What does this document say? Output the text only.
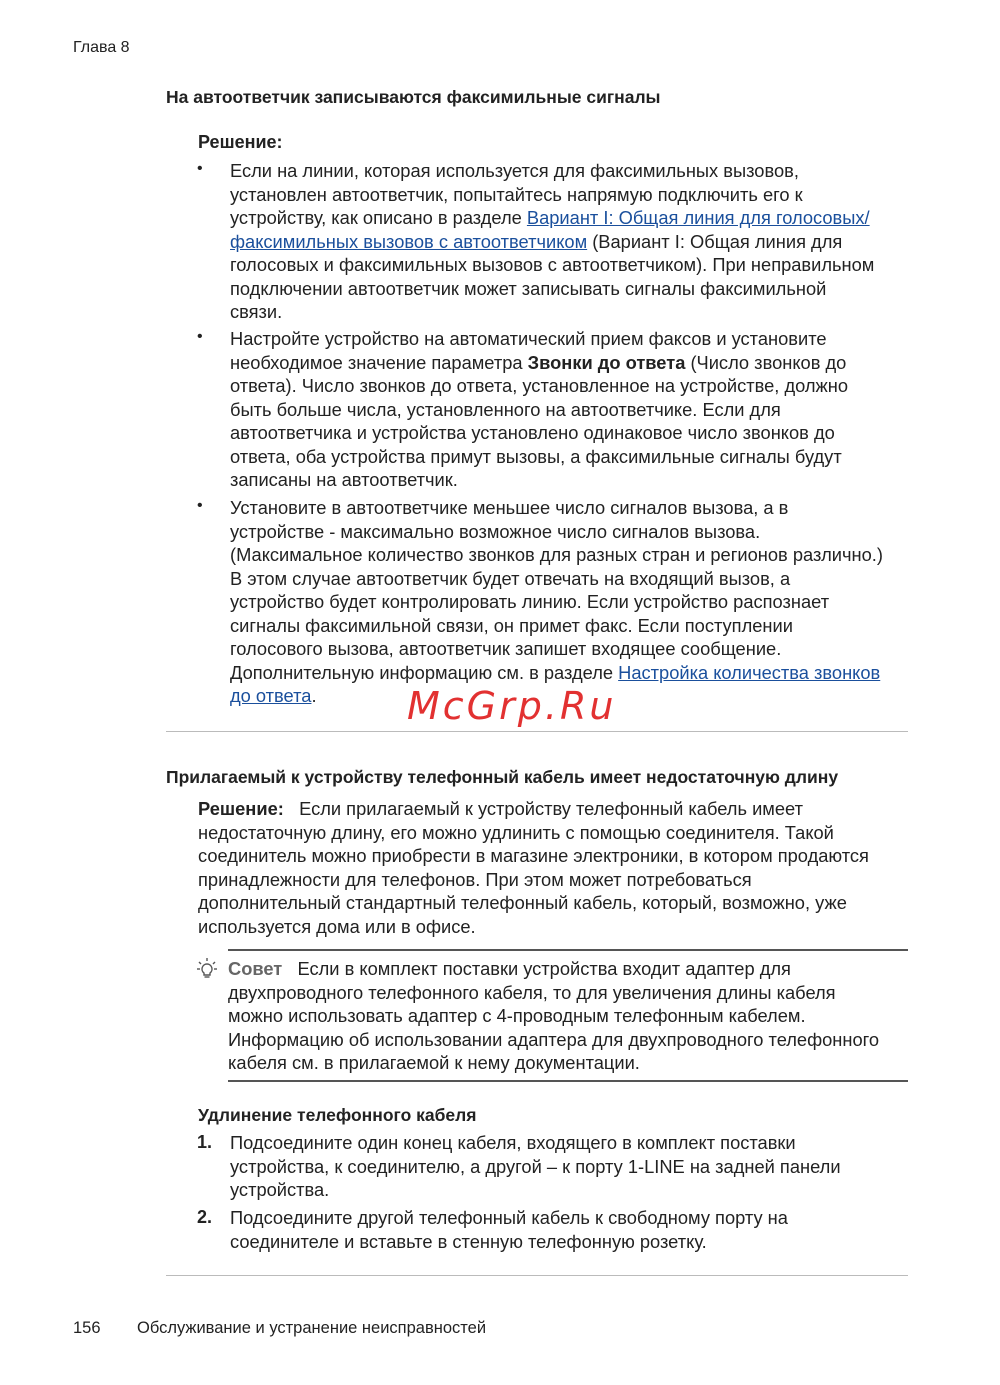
Глава 8
На автоответчик записываются факсимильные сигналы
Решение:
• Если на линии, которая используется для факсимильных вызовов,
установлен автоответчик, попытайтесь напрямую подключить его к
устройству, как описано в разделе Вариант I: Общая линия для голосовых/
факсимильных вызовов с автоответчиком (Вариант I: Общая линия для
голосовых и факсимильных вызовов с автоответчиком). При неправильном
подключении автоответчик может записывать сигналы факсимильной
связи.
• Настройте устройство на автоматический прием факсов и установите
необходимое значение параметра Звонки до ответа (Число звонков до
ответа). Число звонков до ответа, установленное на устройстве, должно
быть больше числа, установленного на автоответчике. Если для
автоответчика и устройства установлено одинаковое число звонков до
ответа, оба устройства примут вызовы, а факсимильные сигналы будут
записаны на автоответчик.
• Установите в автоответчике меньшее число сигналов вызова, а в
устройстве - максимально возможное число сигналов вызова.
(Максимальное количество звонков для разных стран и регионов различно.)
В этом случае автоответчик будет отвечать на входящий вызов, а
устройство будет контролировать линию. Если устройство распознает
сигналы факсимильной связи, он примет факс. Если поступлении
голосового вызова, автоответчик запишет входящее сообщение.
Дополнительную информацию см. в разделе Настройка количества звонков
до ответа.	McGrp.Ru
Прилагаемый к устройству телефонный кабель имеет недостаточную длину
Решение:   Если прилагаемый к устройству телефонный кабель имеет
недостаточную длину, его можно удлинить с помощью соединителя. Такой
соединитель можно приобрести в магазине электроники, в котором продаются
принадлежности для телефонов. При этом может потребоваться
дополнительный стандартный телефонный кабель, который, возможно, уже
используется дома или в офисе.
Совет   Если в комплект поставки устройства входит адаптер для
двухпроводного телефонного кабеля, то для увеличения длины кабеля
можно использовать адаптер с 4-проводным телефонным кабелем.
Информацию об использовании адаптера для двухпроводного телефонного
кабеля см. в прилагаемой к нему документации.
Удлинение телефонного кабеля
1. Подсоедините один конец кабеля, входящего в комплект поставки
устройства, к соединителю, а другой – к порту 1-LINE на задней панели
устройства.
2. Подсоедините другой телефонный кабель к свободному порту на
соединителе и вставьте в стенную телефонную розетку.
156 Обслуживание и устранение неисправностей
